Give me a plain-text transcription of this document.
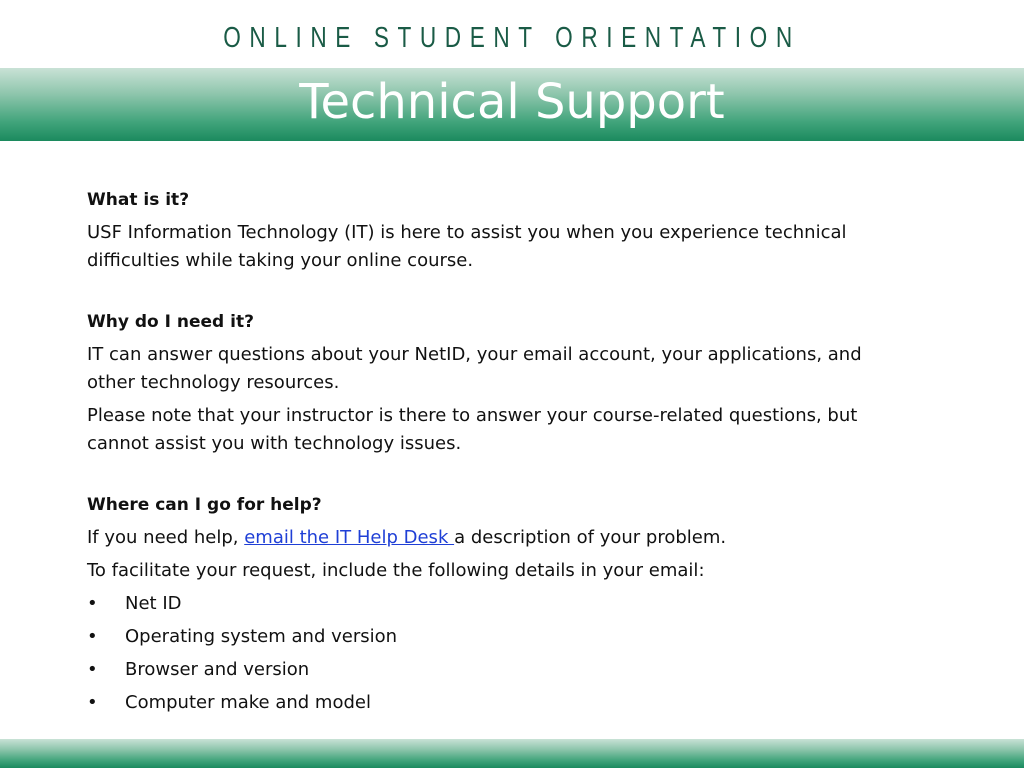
ONLINE STUDENT ORIENTATION
Technical Support
What is it?

USF Information Technology (IT) is here to assist you when you experience technical difficulties while taking your online course.

Why do I need it?

IT can answer questions about your NetID, your email account, your applications, and other technology resources.

Please note that your instructor is there to answer your course-related questions, but cannot assist you with technology issues.

Where can I go for help?

If you need help, email the IT Help Desk a description of your problem.

To facilitate your request, include the following details in your email:

• Net ID
• Operating system and version
• Browser and version
• Computer make and model
